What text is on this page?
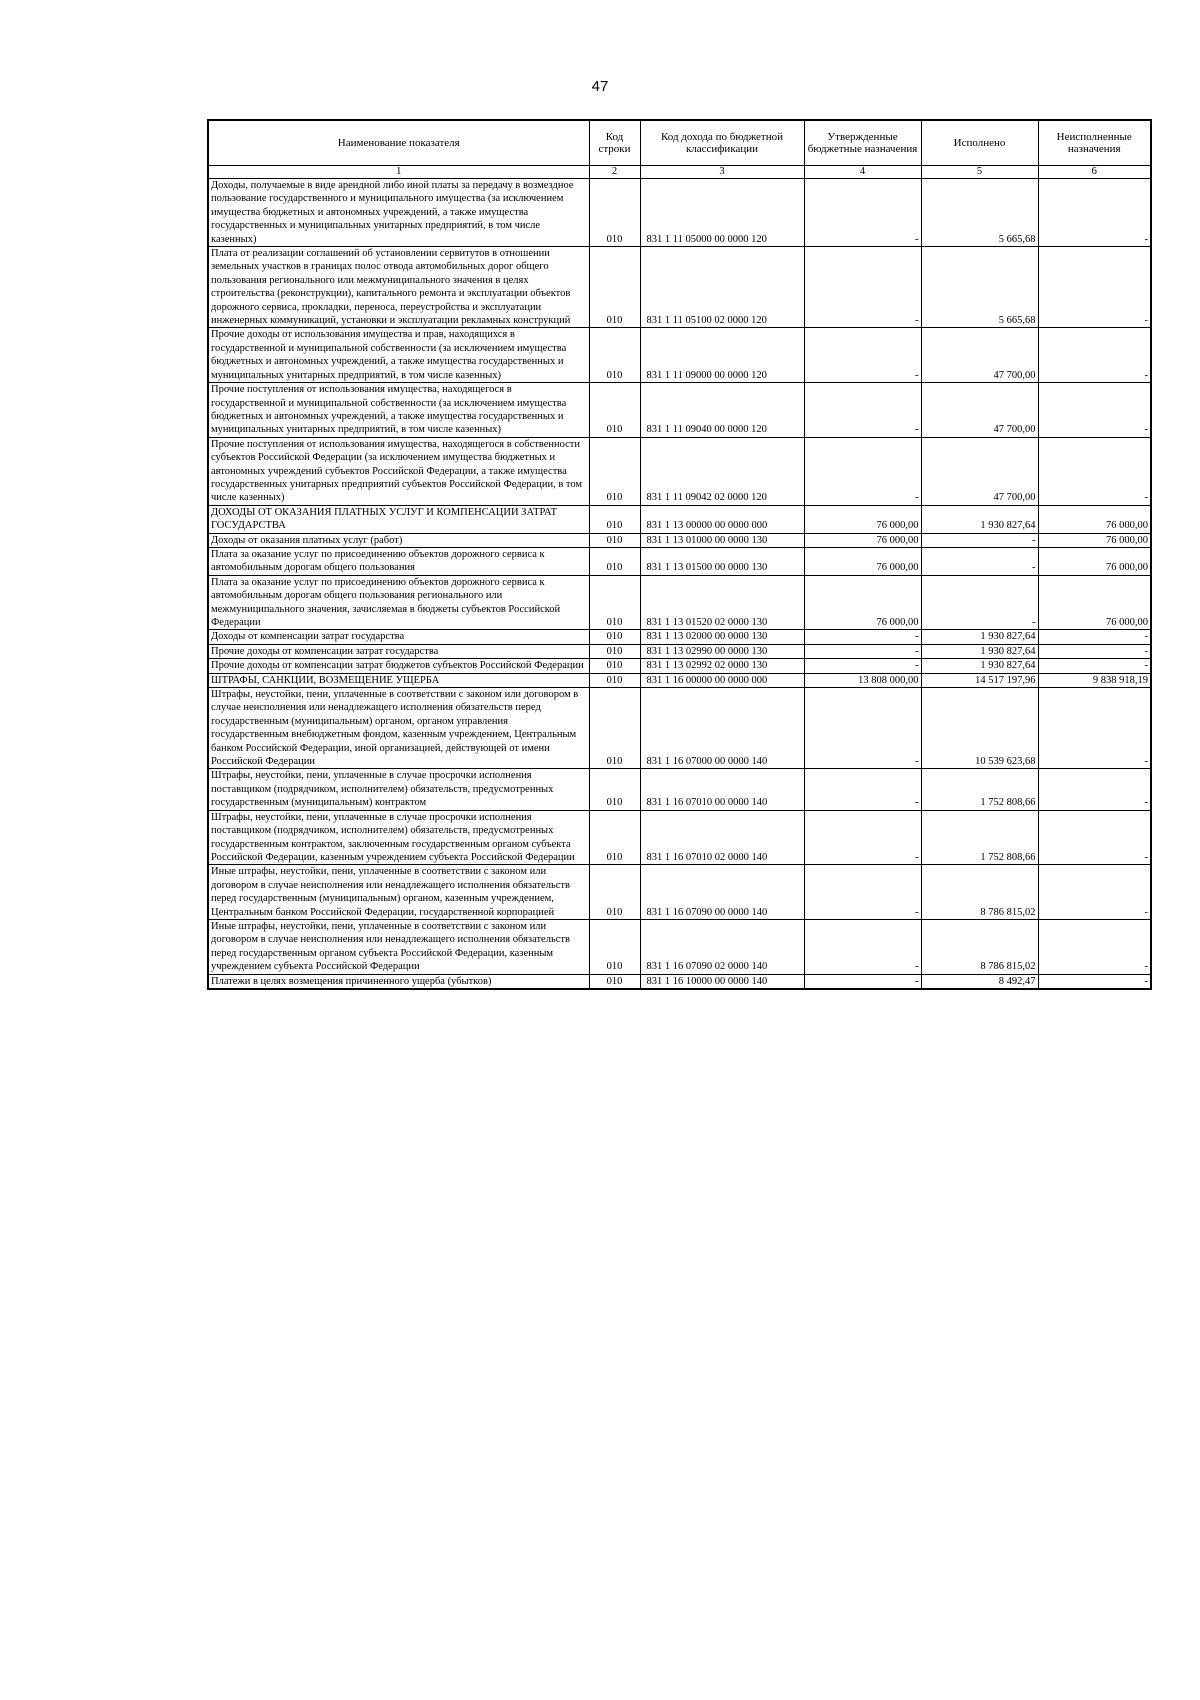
47
Наименование показателя	Код строки	Код дохода по бюджетной классификации	Утвержденные бюджетные назначения	Исполнено	Неисполненные назначения
1	2	3	4	5	6
Доходы, получаемые в виде арендной либо иной платы за передачу в возмездное пользование государственного и муниципального имущества (за исключением имущества бюджетных и автономных учреждений, а также имущества государственных и муниципальных унитарных предприятий, в том числе казенных)	010	831 1 11 05000 00 0000 120	-	5 665,68	-
Плата от реализации соглашений об установлении сервитутов в отношении земельных участков в границах полос отвода автомобильных дорог общего пользования регионального или межмуниципального значения в целях строительства (реконструкции), капитального ремонта и эксплуатации объектов дорожного сервиса, прокладки, переноса, переустройства и эксплуатации инженерных коммуникаций, установки и эксплуатации рекламных конструкций	010	831 1 11 05100 02 0000 120	-	5 665,68	-
Прочие доходы от использования имущества и прав, находящихся в государственной и муниципальной собственности (за исключением имущества бюджетных и автономных учреждений, а также имущества государственных и муниципальных унитарных предприятий, в том числе казенных)	010	831 1 11 09000 00 0000 120	-	47 700,00	-
Прочие поступления от использования имущества, находящегося в государственной и муниципальной собственности (за исключением имущества бюджетных и автономных учреждений, а также имущества государственных и муниципальных унитарных предприятий, в том числе казенных)	010	831 1 11 09040 00 0000 120	-	47 700,00	-
Прочие поступления от использования имущества, находящегося в собственности субъектов Российской Федерации (за исключением имущества бюджетных и автономных учреждений субъектов Российской Федерации, а также имущества государственных унитарных предприятий субъектов Российской Федерации, в том числе казенных)	010	831 1 11 09042 02 0000 120	-	47 700,00	-
ДОХОДЫ ОТ ОКАЗАНИЯ ПЛАТНЫХ УСЛУГ И КОМПЕНСАЦИИ ЗАТРАТ ГОСУДАРСТВА	010	831 1 13 00000 00 0000 000	76 000,00	1 930 827,64	76 000,00
Доходы от оказания платных услуг (работ)	010	831 1 13 01000 00 0000 130	76 000,00	-	76 000,00
Плата за оказание услуг по присоединению объектов дорожного сервиса к автомобильным дорогам общего пользования	010	831 1 13 01500 00 0000 130	76 000,00	-	76 000,00
Плата за оказание услуг по присоединению объектов дорожного сервиса к автомобильным дорогам общего пользования регионального или межмуниципального значения, зачисляемая в бюджеты субъектов Российской Федерации	010	831 1 13 01520 02 0000 130	76 000,00	-	76 000,00
Доходы от компенсации затрат государства	010	831 1 13 02000 00 0000 130	-	1 930 827,64	-
Прочие доходы от компенсации затрат государства	010	831 1 13 02990 00 0000 130	-	1 930 827,64	-
Прочие доходы от компенсации затрат бюджетов субъектов Российской Федерации	010	831 1 13 02992 02 0000 130	-	1 930 827,64	-
ШТРАФЫ, САНКЦИИ, ВОЗМЕЩЕНИЕ УЩЕРБА	010	831 1 16 00000 00 0000 000	13 808 000,00	14 517 197,96	9 838 918,19
Штрафы, неустойки, пени, уплаченные в соответствии с законом или договором в случае неисполнения или ненадлежащего исполнения обязательств перед государственным (муниципальным) органом, органом управления государственным внебюджетным фондом, казенным учреждением, Центральным банком Российской Федерации, иной организацией, действующей от имени Российской Федерации	010	831 1 16 07000 00 0000 140	-	10 539 623,68	-
Штрафы, неустойки, пени, уплаченные в случае просрочки исполнения поставщиком (подрядчиком, исполнителем) обязательств, предусмотренных государственным (муниципальным) контрактом	010	831 1 16 07010 00 0000 140	-	1 752 808,66	-
Штрафы, неустойки, пени, уплаченные в случае просрочки исполнения поставщиком (подрядчиком, исполнителем) обязательств, предусмотренных государственным контрактом, заключенным государственным органом субъекта Российской Федерации, казенным учреждением субъекта Российской Федерации	010	831 1 16 07010 02 0000 140	-	1 752 808,66	-
Иные штрафы, неустойки, пени, уплаченные в соответствии с законом или договором в случае неисполнения или ненадлежащего исполнения обязательств перед государственным (муниципальным) органом, казенным учреждением, Центральным банком Российской Федерации, государственной корпорацией	010	831 1 16 07090 00 0000 140	-	8 786 815,02	-
Иные штрафы, неустойки, пени, уплаченные в соответствии с законом или договором в случае неисполнения или ненадлежащего исполнения обязательств перед государственным органом субъекта Российской Федерации, казенным учреждением субъекта Российской Федерации	010	831 1 16 07090 02 0000 140	-	8 786 815,02	-
Платежи в целях возмещения причиненного ущерба (убытков)	010	831 1 16 10000 00 0000 140	-	8 492,47	-
